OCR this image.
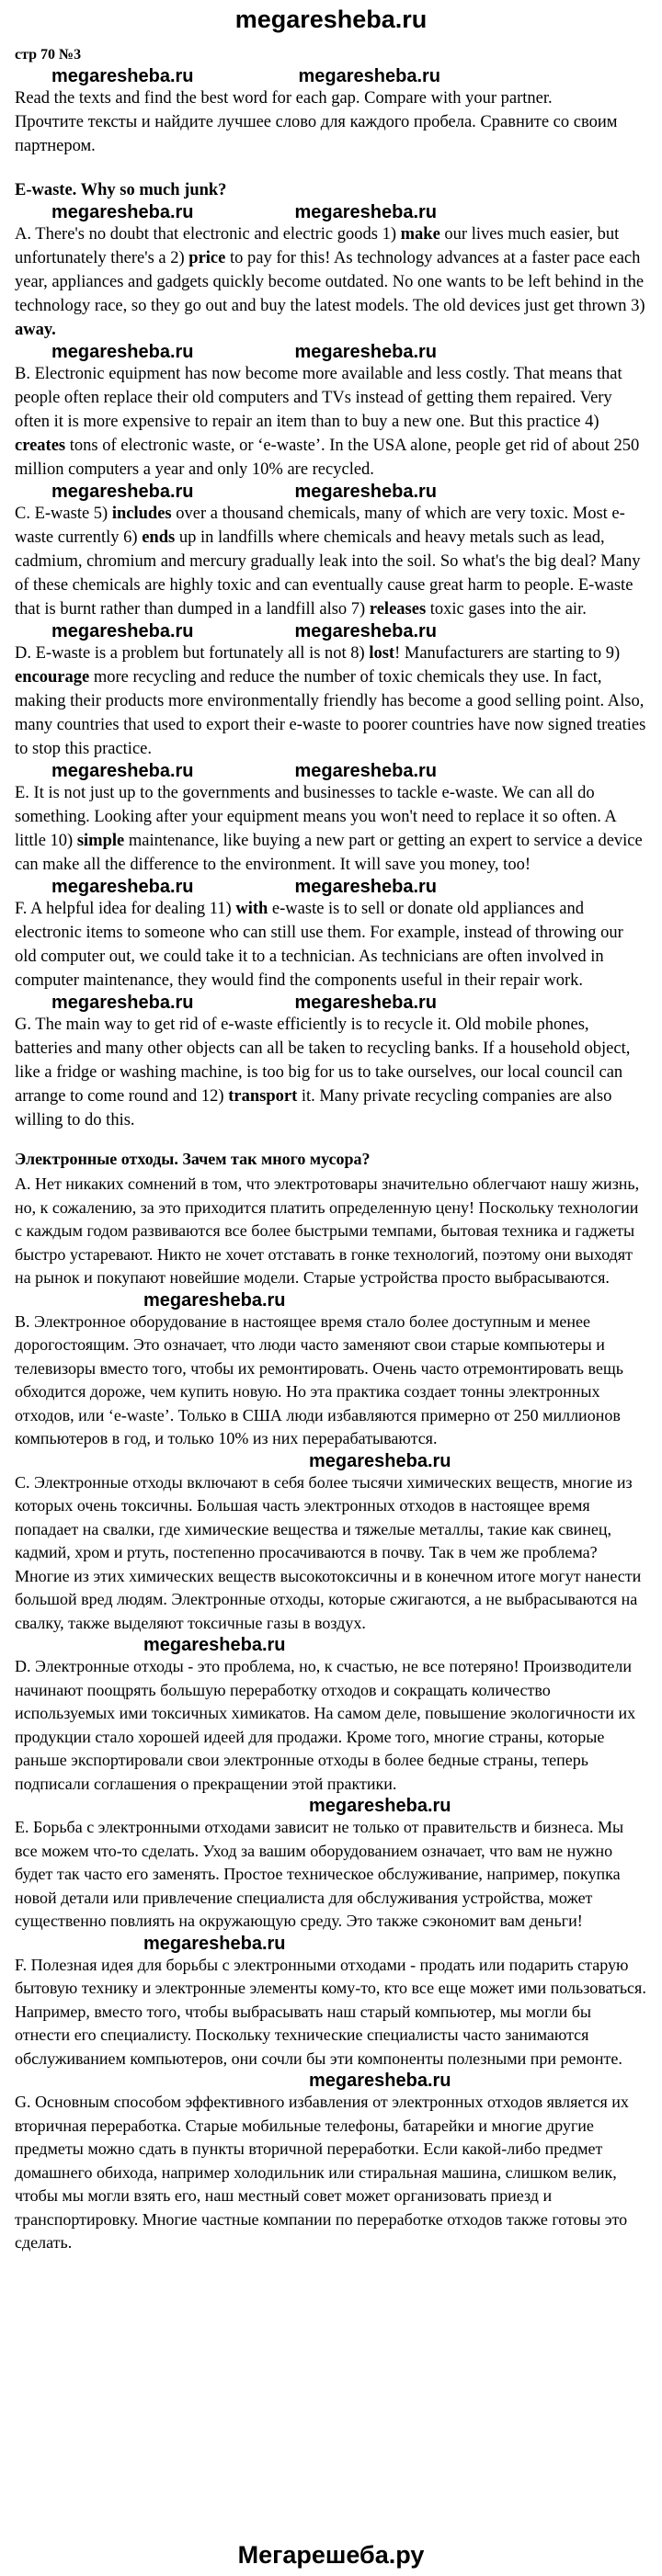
megaresheba.ru
стр 70 №3
megaresheba.ru	megaresheba.ru

Read the texts and find the best word for each gap. Compare with your partner.

Прочтите тексты и найдите лучшее слово для каждого пробела. Сравните со своим партнером.

E-waste. Why so much junk?
megaresheba.ru	megaresheba.ru

A. There's no doubt that electronic and electric goods 1) make our lives much easier, but unfortunately there's a 2) price to pay for this! As technology advances at a faster pace each year, appliances and gadgets quickly become outdated. No one wants to be left behind in the technology race, so they go out and buy the latest models. The old devices just get thrown 3) away.

megaresheba.ru	megaresheba.ru

B. Electronic equipment has now become more available and less costly. That means that people often replace their old computers and TVs instead of getting them repaired. Very often it is more expensive to repair an item than to buy a new one. But this practice 4) creates tons of electronic waste, or ‘e-waste’. In the USA alone, people get rid of about 250 million computers a year and only 10% are recycled.

megaresheba.ru	megaresheba.ru

C. E-waste 5) includes over a thousand chemicals, many of which are very toxic. Most e-waste currently 6) ends up in landfills where chemicals and heavy metals such as lead, cadmium, chromium and mercury gradually leak into the soil. So what's the big deal? Many of these chemicals are highly toxic and can eventually cause great harm to people. E-waste that is burnt rather than dumped in a landfill also 7) releases toxic gases into the air.

megaresheba.ru	megaresheba.ru

D. E-waste is a problem but fortunately all is not 8) lost! Manufacturers are starting to 9) encourage more recycling and reduce the number of toxic chemicals they use. In fact, making their products more environmentally friendly has become a good selling point. Also, many countries that used to export their e-waste to poorer countries have now signed treaties to stop this practice.

megaresheba.ru	megaresheba.ru

E. It is not just up to the governments and businesses to tackle e-waste. We can all do something. Looking after your equipment means you won't need to replace it so often. A little 10) simple maintenance, like buying a new part or getting an expert to service a device can make all the difference to the environment. It will save you money, too!

megaresheba.ru	megaresheba.ru

F. A helpful idea for dealing 11) with e-waste is to sell or donate old appliances and electronic items to someone who can still use them. For example, instead of throwing our old computer out, we could take it to a technician. As technicians are often involved in computer maintenance, they would find the components useful in their repair work.

megaresheba.ru	megaresheba.ru

G. The main way to get rid of e-waste efficiently is to recycle it. Old mobile phones, batteries and many other objects can all be taken to recycling banks. If a household object, like a fridge or washing machine, is too big for us to take ourselves, our local council can arrange to come round and 12) transport it. Many private recycling companies are also willing to do this.

Электронные отходы. Зачем так много мусора?

А. Нет никаких сомнений в том, что электротовары значительно облегчают нашу жизнь, но, к сожалению, за это приходится платить определенную цену! Поскольку технологии с каждым годом развиваются все более быстрыми темпами, бытовая техника и гаджеты быстро устаревают. Никто не хочет отставать в гонке технологий, поэтому они выходят на рынок и покупают новейшие модели. Старые устройства просто выбрасываются.

megaresheba.ru

В. Электронное оборудование в настоящее время стало более доступным и менее дорогостоящим. Это означает, что люди часто заменяют свои старые компьютеры и телевизоры вместо того, чтобы их ремонтировать. Очень часто отремонтировать вещь обходится дороже, чем купить новую. Но эта практика создает тонны электронных отходов, или ‘e-waste’. Только в США люди избавляются примерно от 250 миллионов компьютеров в год, и только 10% из них перерабатываются.

megaresheba.ru

С. Электронные отходы включают в себя более тысячи химических веществ, многие из которых очень токсичны. Большая часть электронных отходов в настоящее время попадает на свалки, где химические вещества и тяжелые металлы, такие как свинец, кадмий, хром и ртуть, постепенно просачиваются в почву. Так в чем же проблема? Многие из этих химических веществ высокотоксичны и в конечном итоге могут нанести большой вред людям. Электронные отходы, которые сжигаются, а не выбрасываются на свалку, также выделяют токсичные газы в воздух.

megaresheba.ru

D. Электронные отходы - это проблема, но, к счастью, не все потеряно! Производители начинают поощрять большую переработку отходов и сокращать количество используемых ими токсичных химикатов. На самом деле, повышение экологичности их продукции стало хорошей идеей для продажи. Кроме того, многие страны, которые раньше экспортировали свои электронные отходы в более бедные страны, теперь подписали соглашения о прекращении этой практики.

megaresheba.ru

Е. Борьба с электронными отходами зависит не только от правительств и бизнеса. Мы все можем что-то сделать. Уход за вашим оборудованием означает, что вам не нужно будет так часто его заменять. Простое техническое обслуживание, например, покупка новой детали или привлечение специалиста для обслуживания устройства, может существенно повлиять на окружающую среду. Это также сэкономит вам деньги!

megaresheba.ru

F. Полезная идея для борьбы с электронными отходами - продать или подарить старую бытовую технику и электронные элементы кому-то, кто все еще может ими пользоваться. Например, вместо того, чтобы выбрасывать наш старый компьютер, мы могли бы отнести его специалисту. Поскольку технические специалисты часто занимаются обслуживанием компьютеров, они сочли бы эти компоненты полезными при ремонте.

megaresheba.ru

G. Основным способом эффективного избавления от электронных отходов является их вторичная переработка. Старые мобильные телефоны, батарейки и многие другие предметы можно сдать в пункты вторичной переработки. Если какой-либо предмет домашнего обихода, например холодильник или стиральная машина, слишком велик, чтобы мы могли взять его, наш местный совет может организовать приезд и транспортировку. Многие частные компании по переработке отходов также готовы это сделать.

Мегарешеба.ру
